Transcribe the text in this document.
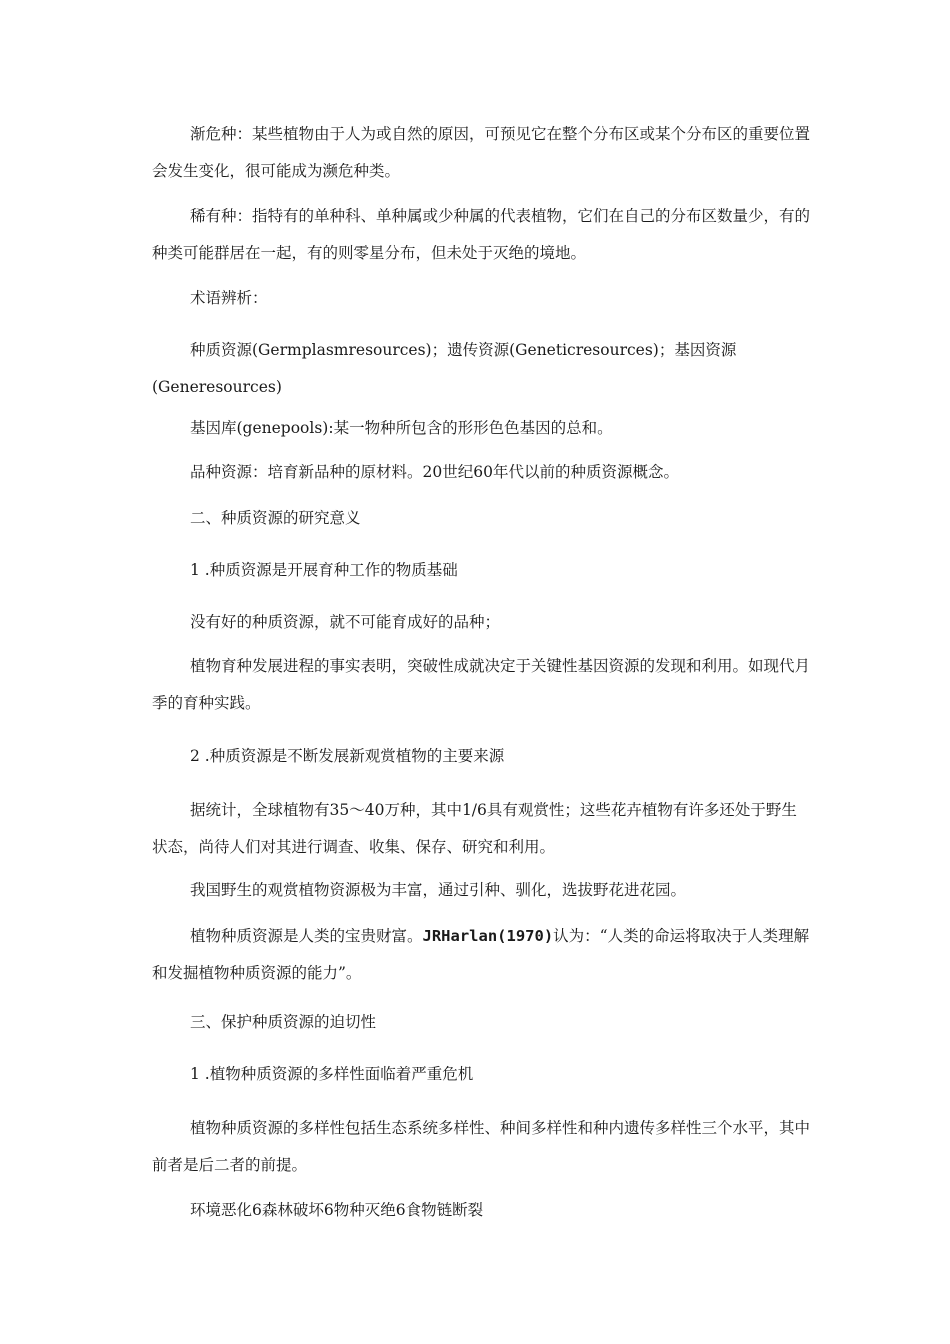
渐危种：某些植物由于人为或自然的原因，可预见它在整个分布区或某个分布区的重要位置会发生变化，很可能成为濒危种类。

稀有种：指特有的单种科、单种属或少种属的代表植物，它们在自己的分布区数量少，有的种类可能群居在一起，有的则零星分布，但未处于灭绝的境地。

术语辨析：

种质资源(Germplasmresources)；遗传资源(Geneticresources)；基因资源(Generesources)

基因库(genepools):某一物种所包含的形形色色基因的总和。

品种资源：培育新品种的原材料。20世纪60年代以前的种质资源概念。

二、种质资源的研究意义

1 .种质资源是开展育种工作的物质基础

没有好的种质资源，就不可能育成好的品种；

植物育种发展进程的事实表明，突破性成就决定于关键性基因资源的发现和利用。如现代月季的育种实践。

2 .种质资源是不断发展新观赏植物的主要来源

据统计，全球植物有35〜40万种，其中1/6具有观赏性；这些花卉植物有许多还处于野生状态，尚待人们对其进行调查、收集、保存、研究和利用。

我国野生的观赏植物资源极为丰富，通过引种、驯化，选拔野花进花园。

植物种质资源是人类的宝贵财富。JRHarlan(1970)认为：“人类的命运将取决于人类理解和发掘植物种质资源的能力”。

三、保护种质资源的迫切性

1 .植物种质资源的多样性面临着严重危机

植物种质资源的多样性包括生态系统多样性、种间多样性和种内遗传多样性三个水平，其中前者是后二者的前提。

环境恶化6森林破坏6物种灭绝6食物链断裂
